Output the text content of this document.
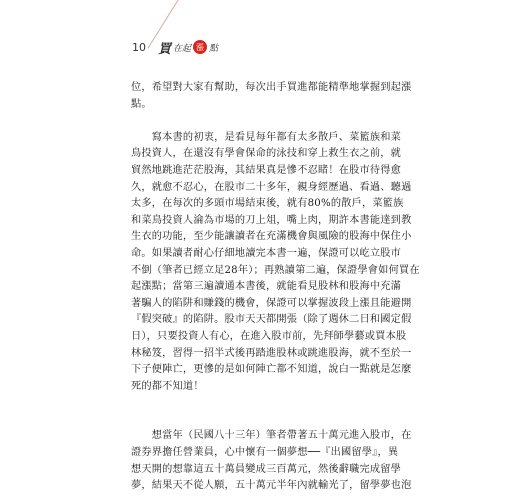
10 買 在起 漲 點
位，希望對大家有幫助，每次出手買進都能精準地掌握到起漲
點。
　　寫本書的初衷，是看見每年都有太多散戶、菜籃族和菜
鳥投資人，在還沒有學會保命的泳技和穿上救生衣之前，就
貿然地跳進茫茫股海，其結果真是慘不忍睹！在股市待得愈
久，就愈不忍心，在股市二十多年，親身經歷過、看過、聽過
太多，在每次的多頭市場結束後，就有80%的散戶，菜籃族
和菜鳥投資人淪為市場的刀上俎，嘴上肉，期許本書能達到教
生衣的功能，至少能讓讀者在充滿機會與風險的股海中保住小
命。如果讀者耐心仔細地讀完本書一遍，保證可以屹立股市
不倒（筆者已經立足28年）；再熟讀第二遍，保證學會如何買在
起漲點；當第三遍讀通本書後，就能看見股林和股海中充滿
著騙人的陷阱和賺錢的機會，保證可以掌握波段上漲且能避開
『假突破』的陷阱。股市天天都開張（除了週休二日和國定假
日），只要投資人有心，在進入股市前，先拜師學藝或買本股
林秘笈，習得一招半式後再踏進股林或跳進股海，就不至於一
下子便陣亡，更慘的是如何陣亡都不知道，說白一點就是怎麼
死的都不知道！
　　想當年（民國八十三年）筆者帶著五十萬元進入股市，在
證券界擔任營業員，心中懷有一個夢想──『出國留學』，異
想天開的想靠這五十萬員變成三百萬元，然後辭職完成留學
夢，結果天不從人願，五十萬元半年內就輸光了，留學夢也泡
